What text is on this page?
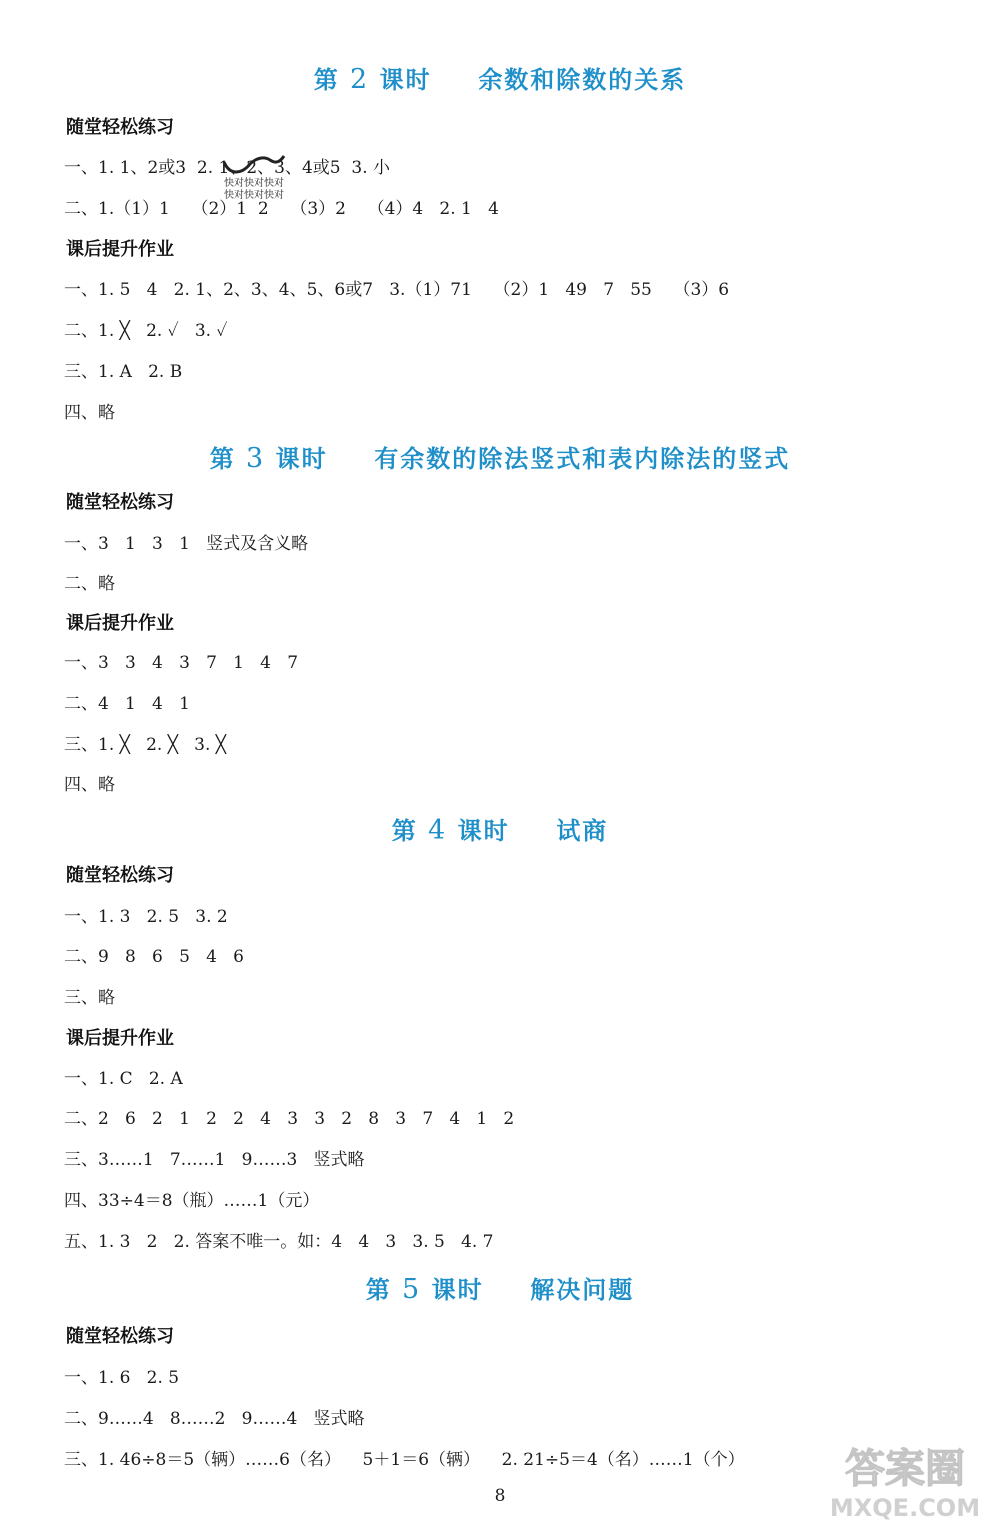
第 2 课时 余数和除数的关系
随堂轻松练习
一、1. 1、2或3  2. 1、2、3、4或5  3. 小
二、1.（1）1    （2）1  2    （3）2    （4）4   2. 1   4
课后提升作业
一、1. 5   4   2. 1、2、3、4、5、6或7   3.（1）71    （2）1   49   7   55    （3）6
二、1. ╳   2. ✓   3. ✓
三、1. A   2. B
四、略
快对快对快对
快对快对快对
第 3 课时 有余数的除法竖式和表内除法的竖式
随堂轻松练习
一、3   1   3   1   竖式及含义略
二、略
课后提升作业
一、3   3   4   3   7   1   4   7
二、4   1   4   1
三、1. ╳   2. ╳   3. ╳
四、略
第 4 课时 试商
随堂轻松练习
一、1. 3   2. 5   3. 2
二、9   8   6   5   4   6
三、略
课后提升作业
一、1. C   2. A
二、2   6   2   1   2   2   4   3   3   2   8   3   7   4   1   2
三、3……1   7……1   9……3   竖式略
四、33÷4＝8（瓶）……1（元）
五、1. 3   2   2. 答案不唯一。如：4   4   3   3. 5   4. 7
第 5 课时 解决问题
随堂轻松练习
一、1. 6   2. 5
二、9……4   8……2   9……4   竖式略
三、1. 46÷8＝5（辆）……6（名）    5＋1＝6（辆）    2. 21÷5＝4（名）……1（个）
8
答案圈
MXQE.COM
